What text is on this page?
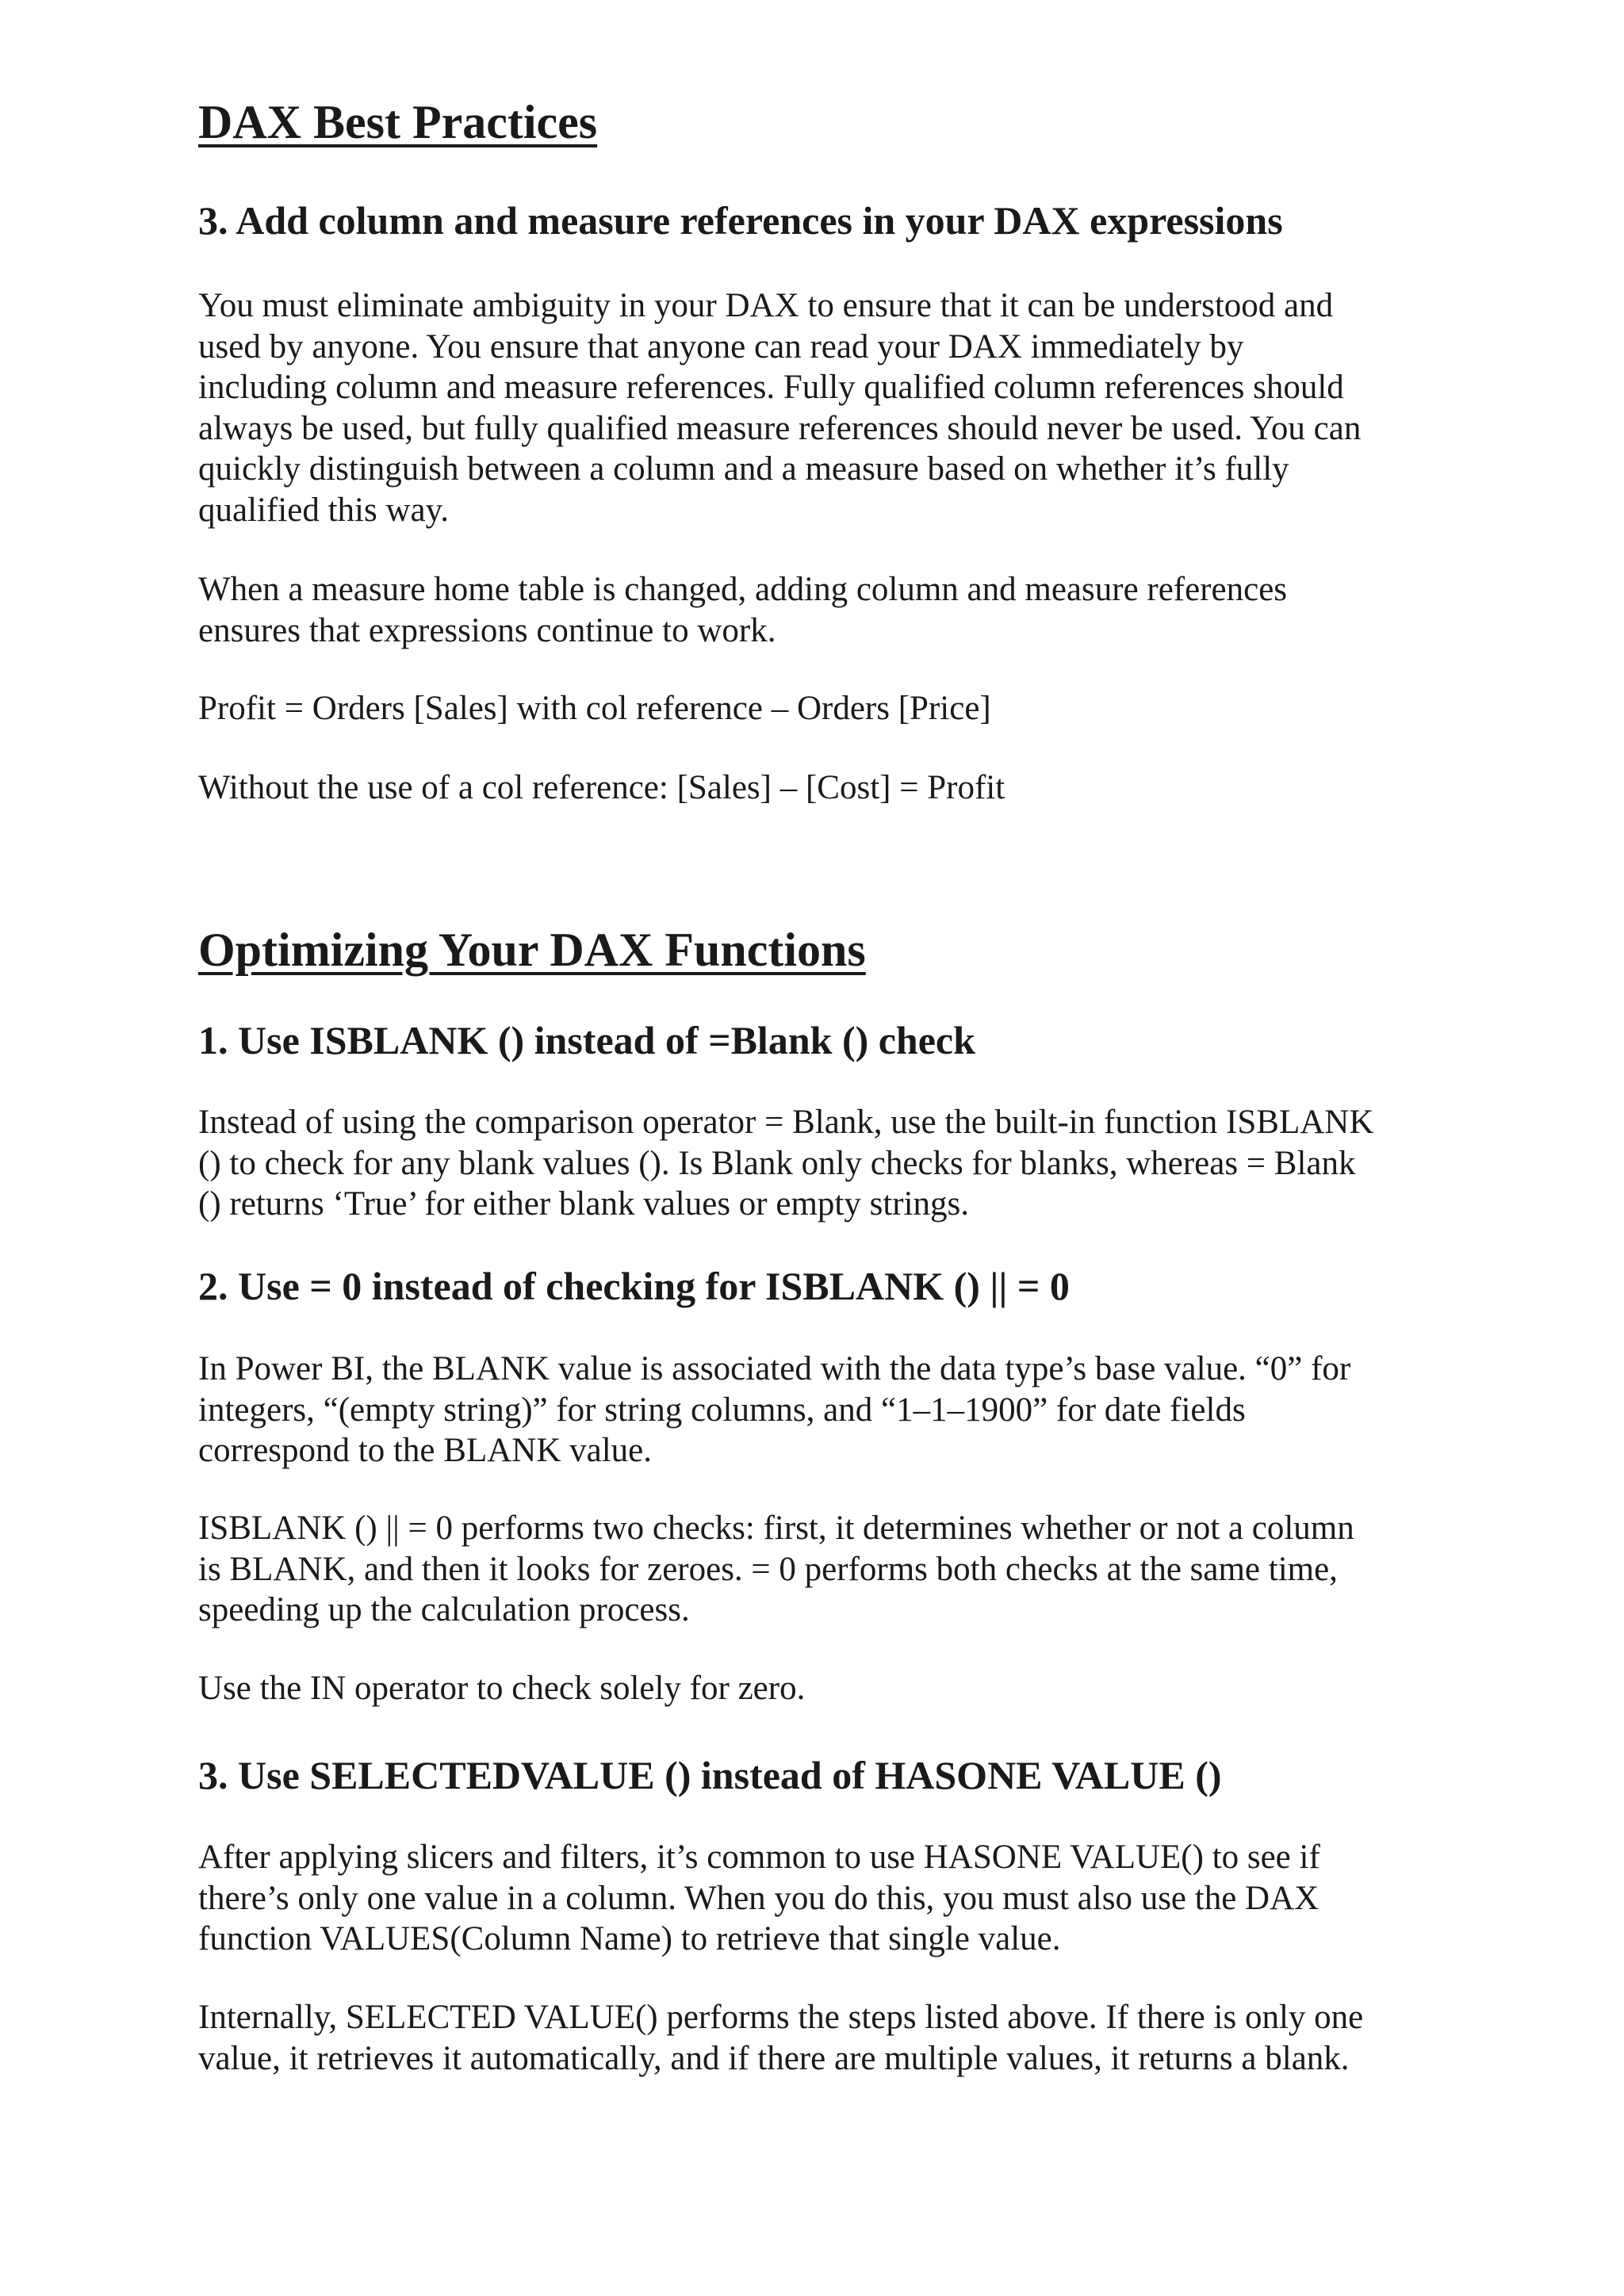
DAX Best Practices
3. Add column and measure references in your DAX expressions
You must eliminate ambiguity in your DAX to ensure that it can be understood and
used by anyone. You ensure that anyone can read your DAX immediately by
including column and measure references. Fully qualified column references should
always be used, but fully qualified measure references should never be used. You can
quickly distinguish between a column and a measure based on whether it’s fully
qualified this way.
When a measure home table is changed, adding column and measure references
ensures that expressions continue to work.
Profit = Orders [Sales] with col reference – Orders [Price]
Without the use of a col reference: [Sales] – [Cost] = Profit
Optimizing Your DAX Functions
1. Use ISBLANK () instead of =Blank () check
Instead of using the comparison operator = Blank, use the built-in function ISBLANK
() to check for any blank values (). Is Blank only checks for blanks, whereas = Blank
() returns ‘True’ for either blank values or empty strings.
2. Use = 0 instead of checking for ISBLANK () || = 0
In Power BI, the BLANK value is associated with the data type’s base value. “0” for
integers, “(empty string)” for string columns, and “1–1–1900” for date fields
correspond to the BLANK value.
ISBLANK () || = 0 performs two checks: first, it determines whether or not a column
is BLANK, and then it looks for zeroes. = 0 performs both checks at the same time,
speeding up the calculation process.
Use the IN operator to check solely for zero.
3. Use SELECTEDVALUE () instead of HASONE VALUE ()
After applying slicers and filters, it’s common to use HASONE VALUE() to see if
there’s only one value in a column. When you do this, you must also use the DAX
function VALUES(Column Name) to retrieve that single value.
Internally, SELECTED VALUE() performs the steps listed above. If there is only one
value, it retrieves it automatically, and if there are multiple values, it returns a blank.
